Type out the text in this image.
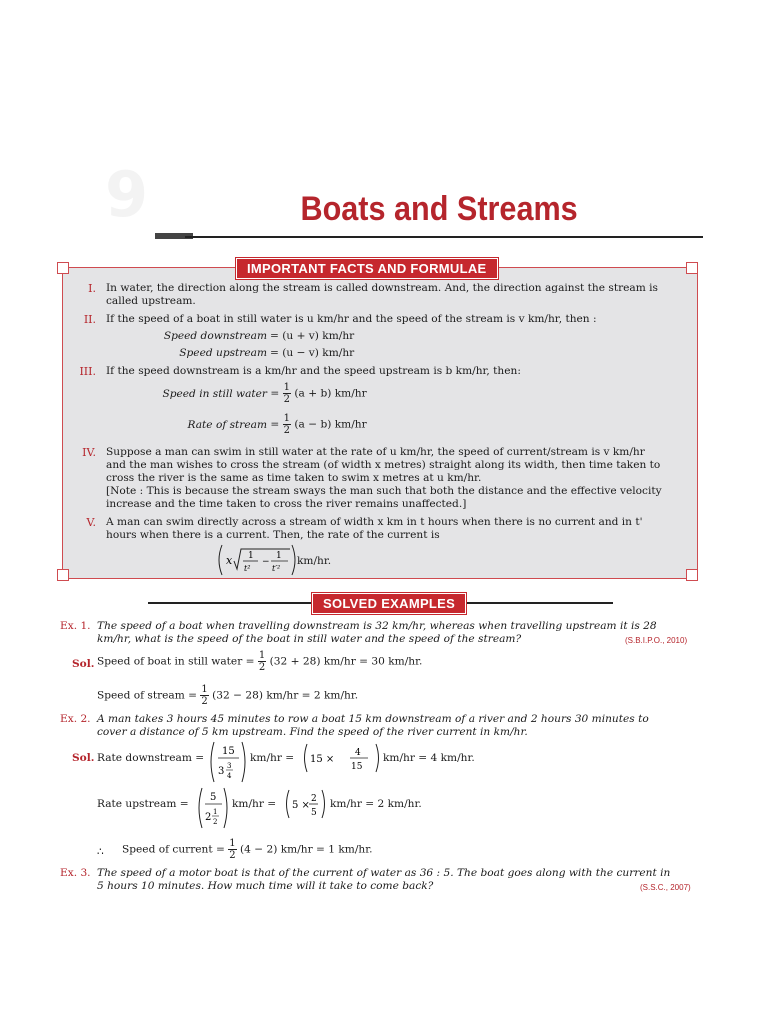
9	Boats and Streams
IMPORTANT FACTS AND FORMULAE
I. In water, the direction along the stream is called downstream. And, the direction against the stream is
called upstream.
II. If the speed of a boat in still water is u km/hr and the speed of the stream is v km/hr, then :
Speed downstream = (u + v) km/hr
Speed upstream = (u − v) km/hr
III. If the speed downstream is a km/hr and the speed upstream is b km/hr, then:
Speed in still water = $\frac{1}{2} (a + b)$ km/hr
Rate of stream = $\frac{1}{2} (a - b)$ km/hr
IV. Suppose a man can swim in still water at the rate of u km/hr, the speed of current/stream is v km/hr
and the man wishes to cross the stream (of width x metres) straight along its width, then time taken to
cross the river is the same as time taken to swim x metres at u km/hr.
[Note : This is because the stream sways the man such that both the distance and the effective velocity
increase and the time taken to cross the river remains unaffected.]
V. A man can swim directly across a stream of width x km in t hours when there is no current and in t'
hours when there is a current. Then, the rate of the current is
x 1
t²
−
1
t′²
km/hr.
SOLVED EXAMPLES
Ex. 1. The speed of a boat when travelling downstream is 32 km/hr, whereas when travelling upstream it is 28
km/hr, what is the speed of the boat in still water and the speed of the stream?	(S.B.I.P.O., 2010)
Sol. Speed of boat in still water = $\frac{1}{2} (32 + 28) km/hr = 30$ km/hr.
Speed of stream = $\frac{1}{2} (32 - 28) km/hr = 2$ km/hr.
Ex. 2. A man takes 3 hours 45 minutes to row a boat 15 km downstream of a river and 2 hours 30 minutes to
cover a distance of 5 km upstream. Find the speed of the river current in km/hr.
Sol. Rate downstream =
15
3 3
4
km/hr = 15 ×
4
15
km/hr = 4 km/hr.
Rate upstream =
5
2 1
2
km/hr = 5 ×
2
5
km/hr = 2 km/hr.
∴ Speed of current = $\frac{1}{2} (4 - 2) km/hr = 1$ km/hr.
Ex. 3. The speed of a motor boat is that of the current of water as 36 : 5. The boat goes along with the current in
5 hours 10 minutes. How much time will it take to come back?	(S.S.C., 2007)
